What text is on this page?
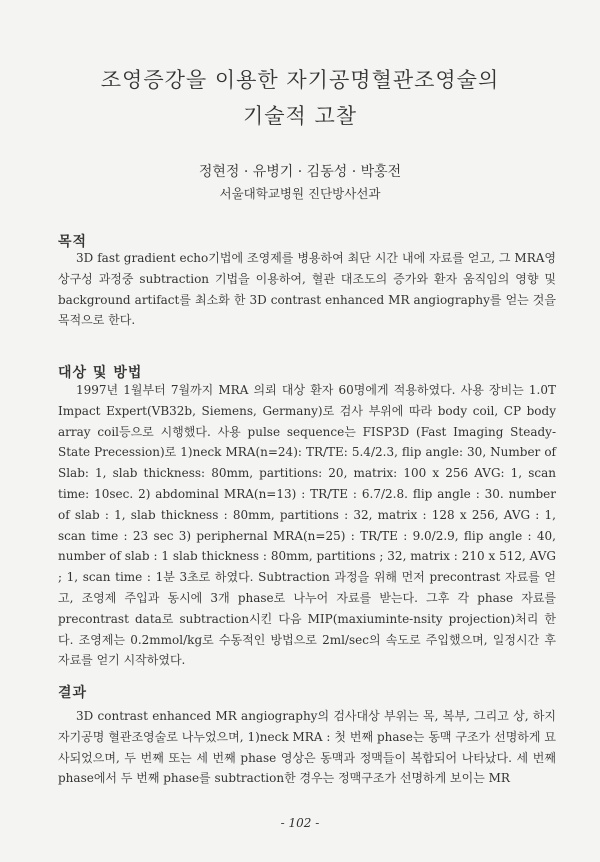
조영증강을 이용한 자기공명혈관조영술의
기술적 고찰
정현정 · 유병기 · 김동성 · 박홍전
서울대학교병원 진단방사선과
목적
3D fast gradient echo기법에 조영제를 병용하여 최단 시간 내에 자료를 얻고, 그 MRA영상구성 과정중 subtraction 기법을 이용하여, 혈관 대조도의 증가와 환자 움직임의 영향 및 background artifact를 최소화 한 3D contrast enhanced MR angiography를 얻는 것을 목적으로 한다.
대상 및 방법
1997년 1월부터 7월까지 MRA 의뢰 대상 환자 60명에게 적용하였다. 사용 장비는 1.0T Impact Expert(VB32b, Siemens, Germany)로 검사 부위에 따라 body coil, CP body array coil등으로 시행했다. 사용 pulse sequence는 FISP3D (Fast Imaging Steady-State Precession)로 1)neck MRA(n=24): TR/TE: 5.4/2.3, flip angle: 30, Number of Slab: 1, slab thickness: 80mm, partitions: 20, matrix: 100 x 256 AVG: 1, scan time: 10sec. 2) abdominal MRA(n=13) : TR/TE : 6.7/2.8. flip angle : 30. number of slab : 1, slab thickness : 80mm, partitions : 32, matrix : 128 x 256, AVG : 1, scan time : 23 sec 3) periphernal MRA(n=25) : TR/TE : 9.0/2.9, flip angle : 40, number of slab : 1 slab thickness : 80mm, partitions ; 32, matrix : 210 x 512, AVG ; 1, scan time : 1분 3초로 하였다. Subtraction 과정을 위해 먼저 precontrast 자료를 얻고, 조영제 주입과 동시에 3개 phase로 나누어 자료를 받는다. 그후 각 phase 자료를 precontrast data로 subtraction시킨 다음 MIP(maxiuminte-nsity projection)처리 한다. 조영제는 0.2mmol/kg로 수동적인 방법으로 2ml/sec의 속도로 주입했으며, 일정시간 후 자료를 얻기 시작하였다.
결과
3D contrast enhanced MR angiography의 검사대상 부위는 목, 복부, 그리고 상, 하지 자기공명 혈관조영술로 나누었으며, 1)neck MRA : 첫 번째 phase는 동맥 구조가 선명하게 묘사되었으며, 두 번째 또는 세 번째 phase 영상은 동맥과 정맥들이 복합되어 나타났다. 세 번째 phase에서 두 번째 phase를 subtraction한 경우는 정맥구조가 선명하게 보이는 MR
- 102 -
